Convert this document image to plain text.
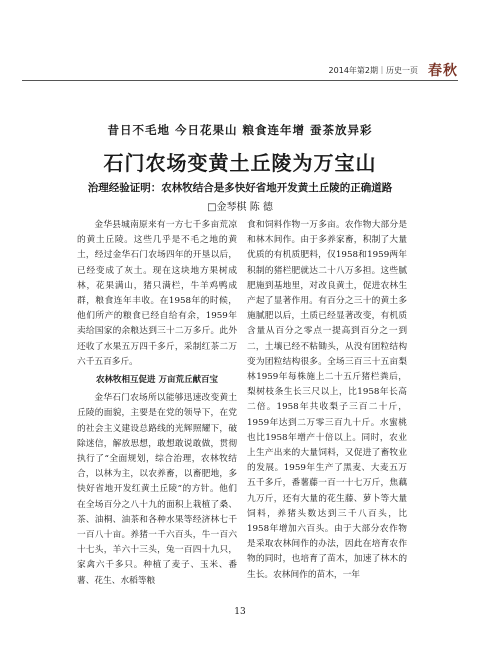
2014年第2期｜历史一页 春秋
昔日不毛地 今日花果山 粮食连年增 蚕茶放异彩
石门农场变黄土丘陵为万宝山
治理经验证明：农林牧结合是多快好省地开发黄土丘陵的正确道路
□金琴棋 陈 德

金华县城南原来有一方七千多亩荒凉的黄土丘陵。这些几乎是不毛之地的黄土，经过金华石门农场四年的开垦以后，已经变成了灰土。现在这块地方果树成林，花果满山，猪只满栏，牛羊鸡鸭成群，粮食连年丰收。在1958年的时候，他们所产的粮食已经自给有余，1959年卖给国家的余粮达到三十二万多斤。此外还收了水果五万四千多斤，采制红茶二万六千五百多斤。

农林牧相互促进 万亩荒丘献百宝

金华石门农场所以能够迅速改变黄土丘陵的面貌，主要是在党的领导下，在党的社会主义建设总路线的光辉照耀下，破除迷信，解放思想，敢想敢说敢做，贯彻执行了“全面规划，综合治理，农林牧结合，以林为主，以农养畜，以畜肥地，多快好省地开发红黄土丘陵”的方针。他们在全场百分之八十九的面积上栽植了桑、茶、油桐、油茶和各种水果等经济林七千一百八十亩。养猪一千六百头，牛一百六十七头，羊六十三头，兔一百四十九只，家禽六千多只。种植了麦子、玉米、番薯、花生、水稻等粮

食和饲料作物一万多亩。农作物大部分是和林木间作。由于多养家畜，积制了大量优质的有机质肥料，仅1958和1959两年积制的猪栏肥就达二十八万多担。这些腻肥施到基地里，对改良黄土，促进农林生产起了显著作用。有百分之三十的黄土多施腻肥以后，土质已经显著改变，有机质含量从百分之零点一提高到百分之一到二，土壤已经不粘锄头，从没有团粒结构变为团粒结构很多。全场三百三十五亩梨林1959年每株施上二十五斤猪栏粪后，梨树枝条生长三尺以上，比1958年长高二倍。1958年共收梨子三百二十斤，1959年达到二万零三百九十斤。水蜜桃也比1958年增产十倍以上。同时，农业上生产出来的大量饲料，又促进了畜牧业的发展。1959年生产了黑麦、大麦五万五千多斤，番薯藤一百一十七万斤，焦藕九万斤，还有大量的花生藤、萝卜等大量饲料，养猪头数达到三千八百头，比1958年增加六百头。由于大部分农作物是采取农林间作的办法，因此在培育农作物的同时，也培育了苗木，加速了林木的生长。农林间作的苗木，一年

13
